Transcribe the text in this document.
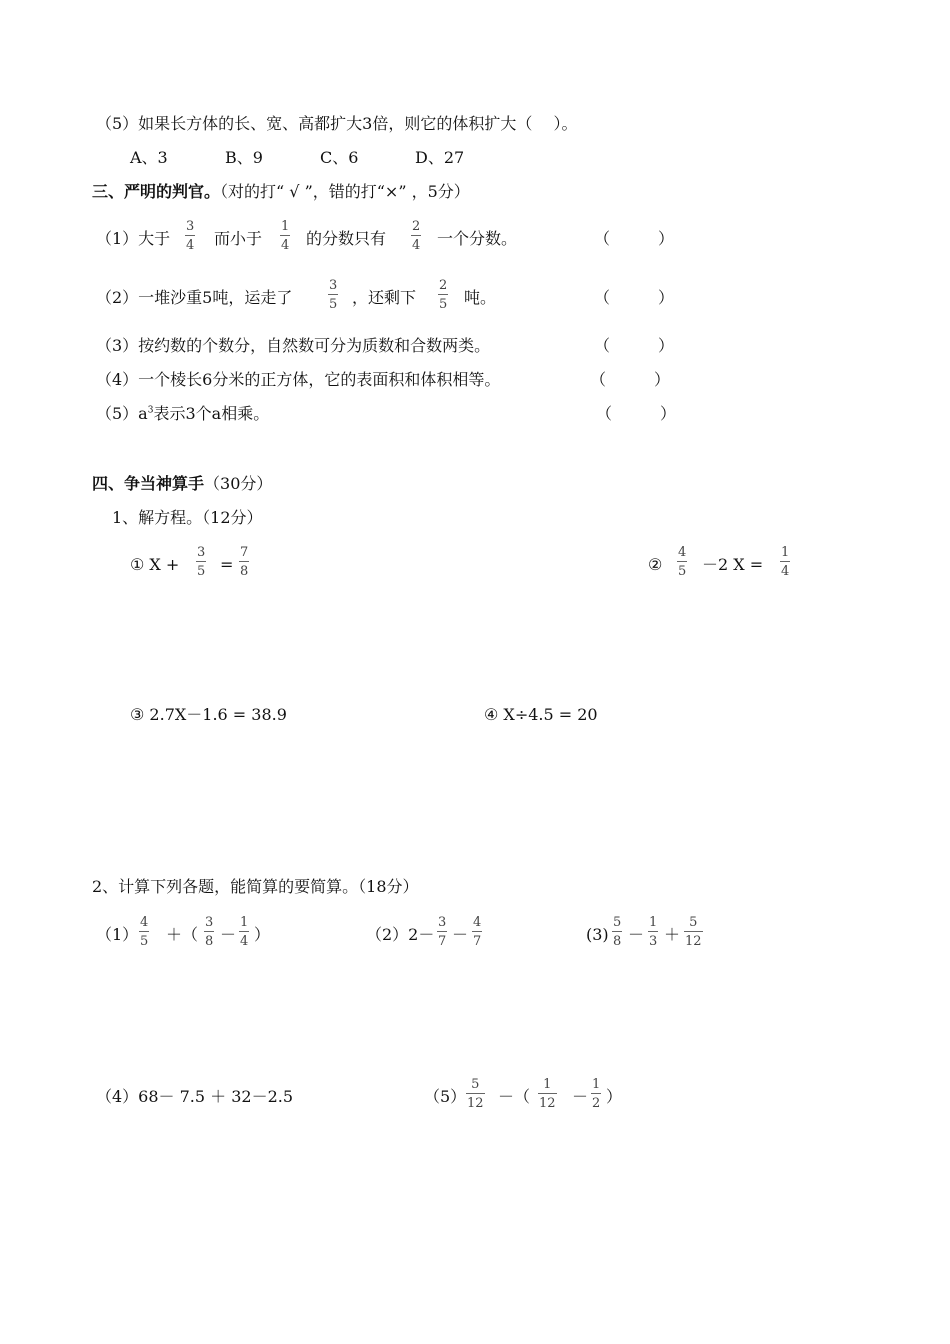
（5）如果长方体的长、宽、高都扩大3倍，则它的体积扩大（　 ）。
A、3	B、9	C、6	D、27
三、严明的判官。（对的打“ √ ”，错的打“×” ，5分）
（1）大于
3
4 而小于
1
4 的分数只有
2
4 一个分数。	（　　　）
（2）一堆沙重5吨，运走了
3
5 ，还剩下
2
5 吨。	（　　　）
（3）按约数的个数分，自然数可分为质数和合数两类。	（　　　）
（4）一个棱长6分米的正方体，它的表面积和体积相等。	（　　　）
$(5)a^3$表示3个a相乘。	（　　　）
四、争当神算手（30分）
1、解方程。（12分）
① X +
3
5 =
7
8	②
4
5 －2 X =
1
4
③ 2.7X－1.6 = 38.9	④ X÷4.5 = 20
2、计算下列各题，能简算的要简算。（18分）
（1）
4
5 ＋（
3
8 －
1
4 ）	（2）2－
3
7 －
4
7	(3)
5
8 －
1
3 ＋
5
12
（4）68－ 7.5 ＋ 32－2.5	（5）
5
12 －（
1
12 －
1
2 ）
